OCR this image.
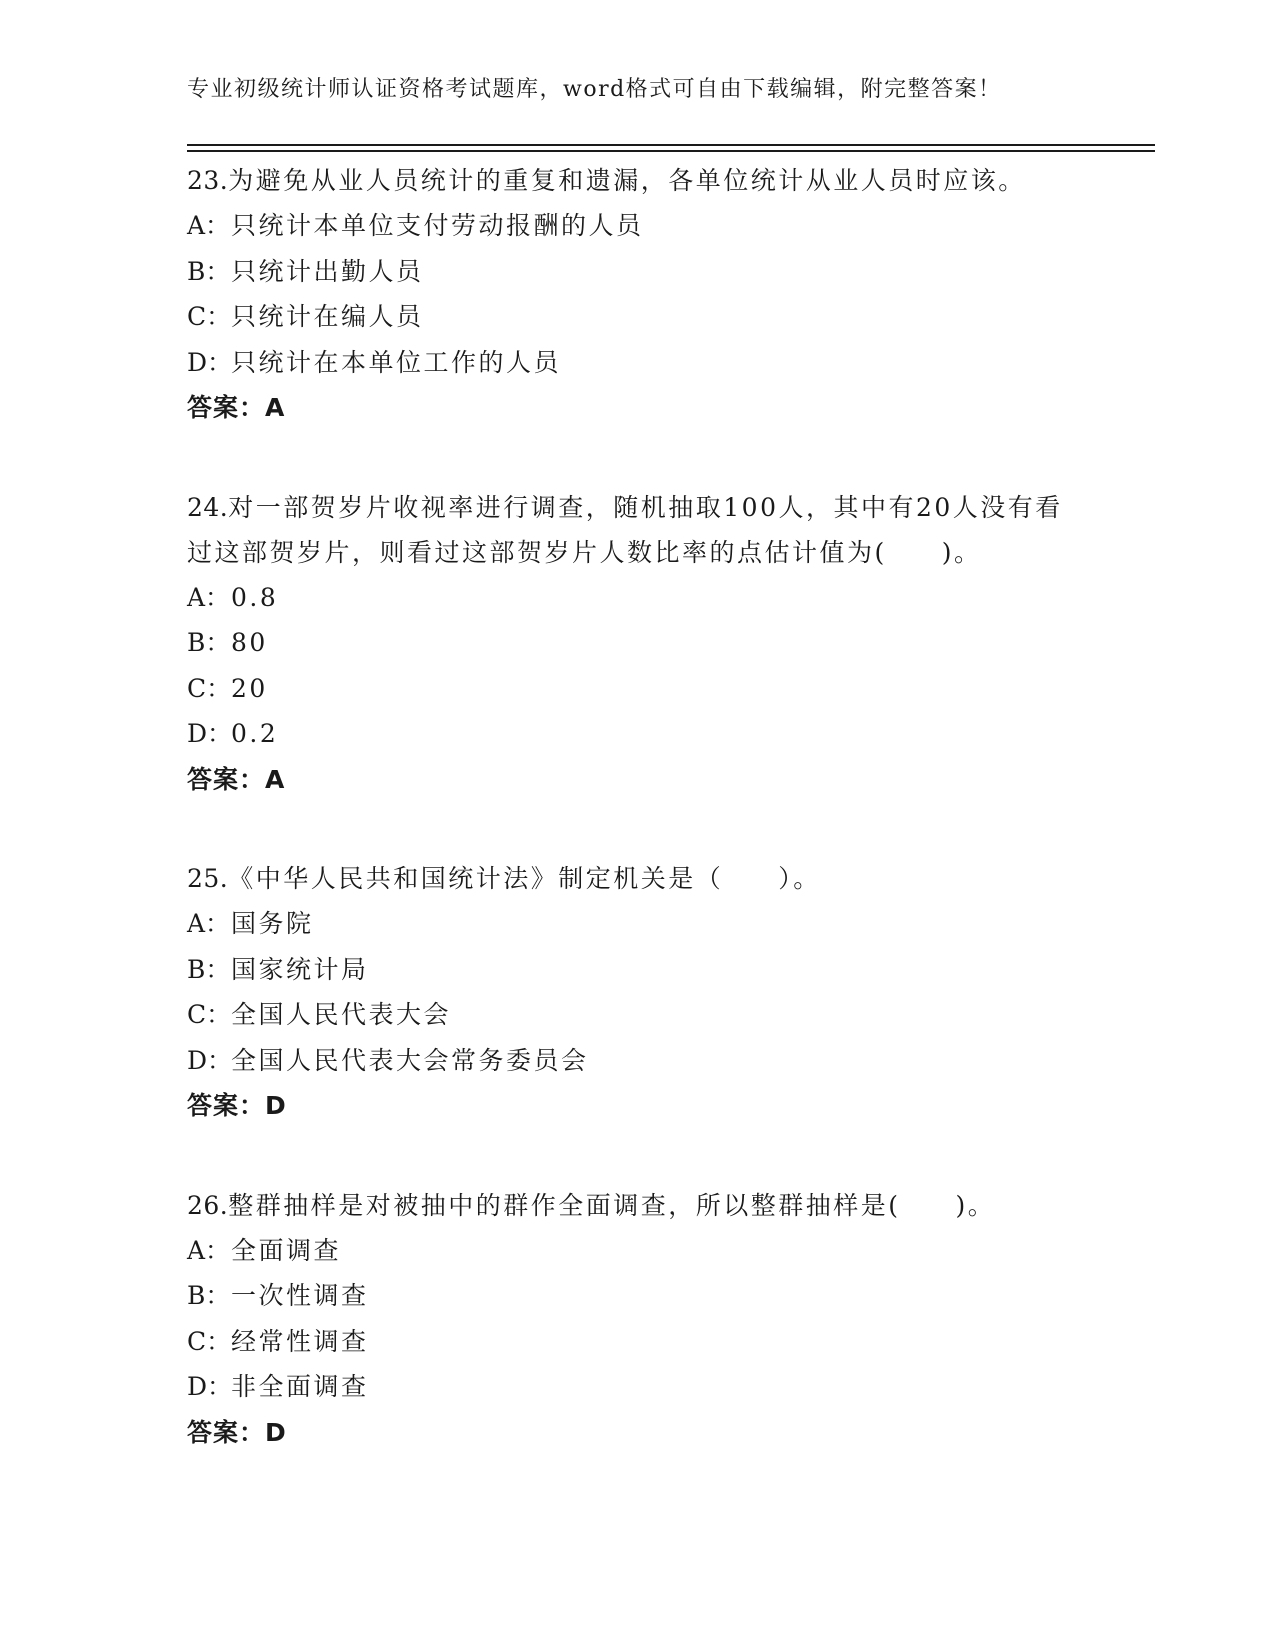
专业初级统计师认证资格考试题库，word格式可自由下载编辑，附完整答案！
23.为避免从业人员统计的重复和遗漏，各单位统计从业人员时应该。
A：只统计本单位支付劳动报酬的人员
B：只统计出勤人员
C：只统计在编人员
D：只统计在本单位工作的人员
答案：A
24.对一部贺岁片收视率进行调查，随机抽取100人，其中有20人没有看过这部贺岁片，则看过这部贺岁片人数比率的点估计值为(　　)。
A：0.8
B：80
C：20
D：0.2
答案：A
25.《中华人民共和国统计法》制定机关是（　　）。
A：国务院
B：国家统计局
C：全国人民代表大会
D：全国人民代表大会常务委员会
答案：D
26.整群抽样是对被抽中的群作全面调查，所以整群抽样是(　　)。
A：全面调查
B：一次性调查
C：经常性调查
D：非全面调查
答案：D
